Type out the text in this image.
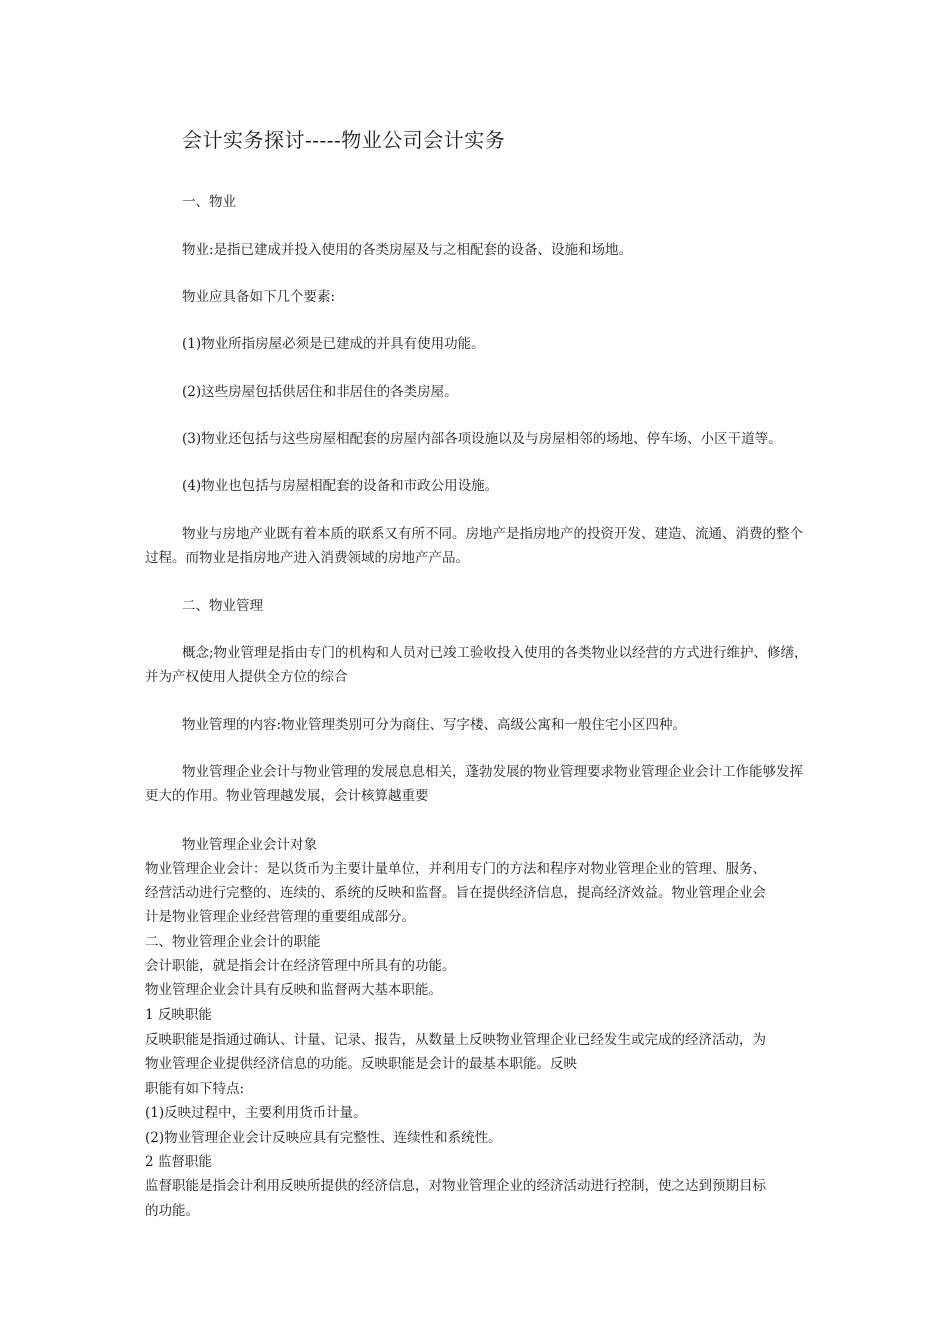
会计实务探讨-----物业公司会计实务
一、物业
物业:是指已建成并投入使用的各类房屋及与之相配套的设备、设施和场地。
物业应具备如下几个要素:
(1)物业所指房屋必须是已建成的并具有使用功能。
(2)这些房屋包括供居住和非居住的各类房屋。
(3)物业还包括与这些房屋相配套的房屋内部各项设施以及与房屋相邻的场地、停车场、小区干道等。
(4)物业也包括与房屋相配套的设备和市政公用设施。
物业与房地产业既有着本质的联系又有所不同。房地产是指房地产的投资开发、建造、流通、消费的整个过程。而物业是指房地产进入消费领域的房地产产品。
二、物业管理
概念;物业管理是指由专门的机构和人员对已竣工验收投入使用的各类物业以经营的方式进行维护、修缮，并为产权使用人提供全方位的综合
物业管理的内容:物业管理类别可分为商住、写字楼、高级公寓和一般住宅小区四种。
物业管理企业会计与物业管理的发展息息相关，蓬勃发展的物业管理要求物业管理企业会计工作能够发挥更大的作用。物业管理越发展，会计核算越重要
物业管理企业会计对象
物业管理企业会计：是以货币为主要计量单位，并利用专门的方法和程序对物业管理企业的管理、服务、
经营活动进行完整的、连续的、系统的反映和监督。旨在提供经济信息，提高经济效益。物业管理企业会
计是物业管理企业经营管理的重要组成部分。
二、物业管理企业会计的职能
会计职能，就是指会计在经济管理中所具有的功能。
物业管理企业会计具有反映和监督两大基本职能。
1 反映职能
反映职能是指通过确认、计量、记录、报告，从数量上反映物业管理企业已经发生或完成的经济活动，为
物业管理企业提供经济信息的功能。反映职能是会计的最基本职能。反映
职能有如下特点:
(1)反映过程中，主要利用货币计量。
(2)物业管理企业会计反映应具有完整性、连续性和系统性。
2 监督职能
监督职能是指会计利用反映所提供的经济信息，对物业管理企业的经济活动进行控制，使之达到预期目标
的功能。
